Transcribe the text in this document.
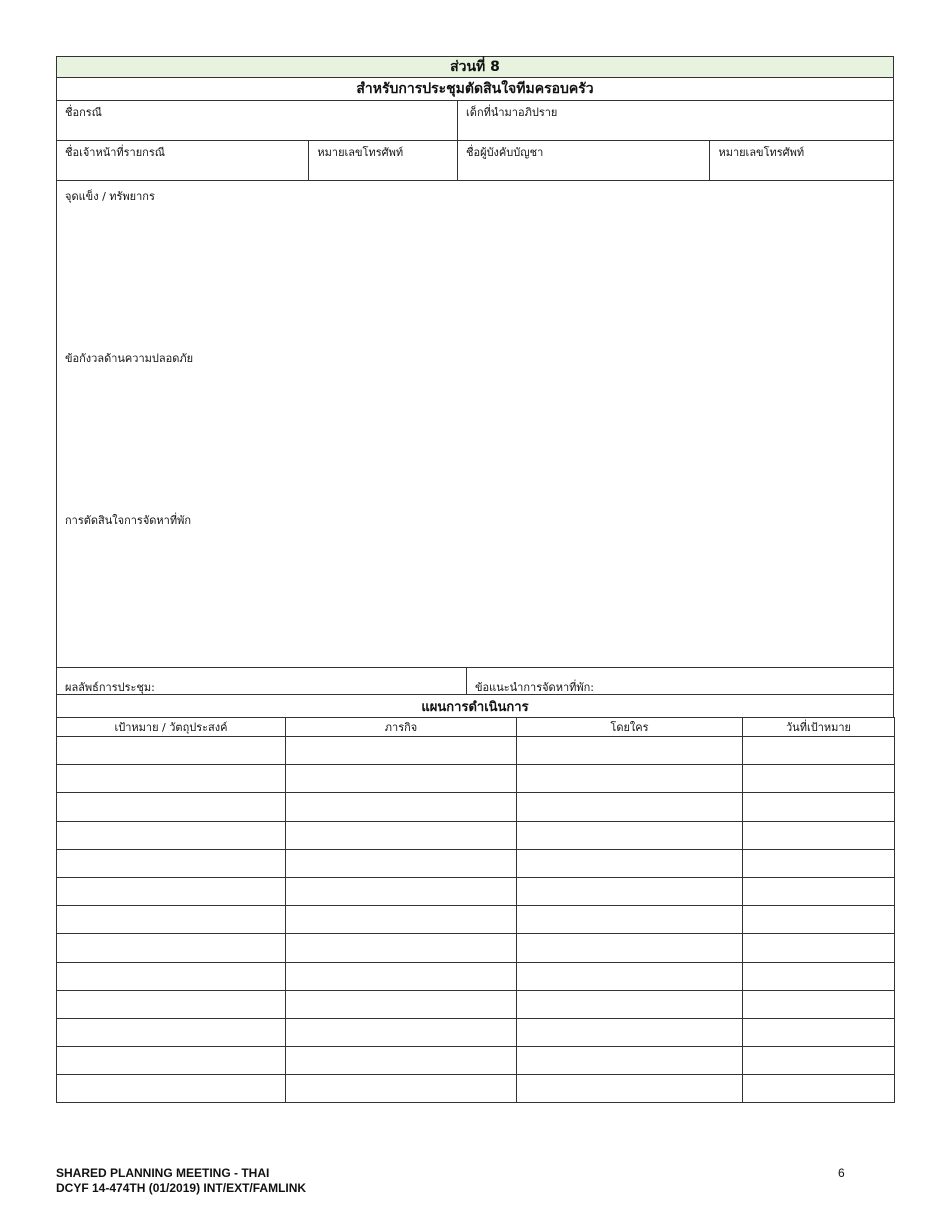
ส่วนที่ 8
สำหรับการประชุมตัดสินใจทีมครอบครัว
ชื่อกรณี	เด็กที่นำมาอภิปราย
ชื่อเจ้าหน้าที่รายกรณี	หมายเลขโทรศัพท์	ชื่อผู้บังคับบัญชา	หมายเลขโทรศัพท์
จุดแข็ง / ทรัพยากร
ข้อกังวลด้านความปลอดภัย
การตัดสินใจการจัดหาที่พัก
ผลลัพธ์การประชุม:	ข้อแนะนำการจัดหาที่พัก:
แผนการดำเนินการ
เป้าหมาย / วัตถุประสงค์	ภารกิจ	โดยใคร	วันที่เป้าหมาย

SHARED PLANNING MEETING - THAI
DCYF 14-474TH (01/2019) INT/EXT/FAMLINK
6
